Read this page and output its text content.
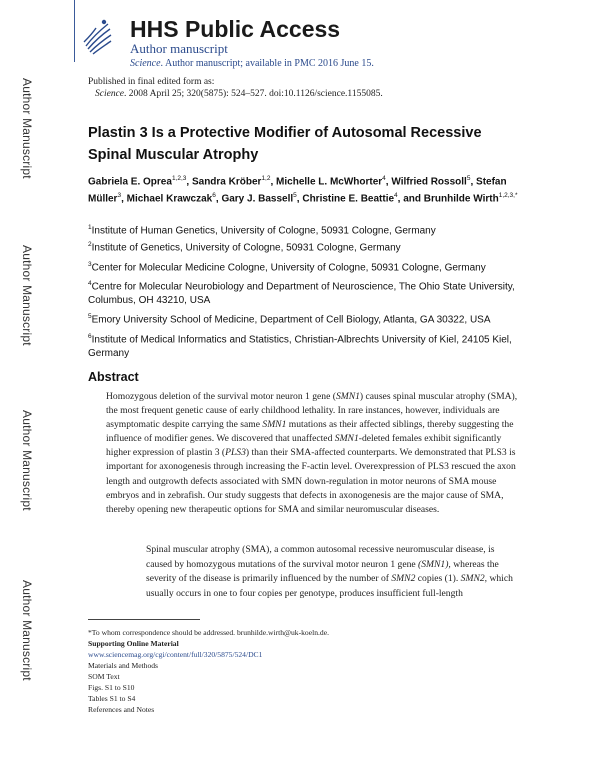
Author Manuscript
Author Manuscript
Author Manuscript
Author Manuscript
HHS Public Access
Author manuscript
Science. Author manuscript; available in PMC 2016 June 15.
Published in final edited form as:
Science. 2008 April 25; 320(5875): 524–527. doi:10.1126/science.1155085.
Plastin 3 Is a Protective Modifier of Autosomal Recessive Spinal Muscular Atrophy
Gabriela E. Oprea$^{1,2,3}$, Sandra Kröber$^{1,2}$, Michelle L. McWhorter$^4$, Wilfried Rossoll$^5$, Stefan Müller$^3$, Michael Krawczak$^6$, Gary J. Bassell$^5$, Christine E. Beattie$^4$, and Brunhilde Wirth$^{1,2,3,*}$
$^1$Institute of Human Genetics, University of Cologne, 50931 Cologne, Germany
$^2$Institute of Genetics, University of Cologne, 50931 Cologne, Germany
$^3$Center for Molecular Medicine Cologne, University of Cologne, 50931 Cologne, Germany
$^4$Centre for Molecular Neurobiology and Department of Neuroscience, The Ohio State University, Columbus, OH 43210, USA
$^5$Emory University School of Medicine, Department of Cell Biology, Atlanta, GA 30322, USA
$^6$Institute of Medical Informatics and Statistics, Christian-Albrechts University of Kiel, 24105 Kiel, Germany
Abstract
Homozygous deletion of the survival motor neuron 1 gene (SMN1) causes spinal muscular atrophy (SMA), the most frequent genetic cause of early childhood lethality. In rare instances, however, individuals are asymptomatic despite carrying the same SMN1 mutations as their affected siblings, thereby suggesting the influence of modifier genes. We discovered that unaffected SMN1-deleted females exhibit significantly higher expression of plastin 3 (PLS3) than their SMA-affected counterparts. We demonstrated that PLS3 is important for axonogenesis through increasing the F-actin level. Overexpression of PLS3 rescued the axon length and outgrowth defects associated with SMN down-regulation in motor neurons of SMA mouse embryos and in zebrafish. Our study suggests that defects in axonogenesis are the major cause of SMA, thereby opening new therapeutic options for SMA and similar neuromuscular diseases.
Spinal muscular atrophy (SMA), a common autosomal recessive neuromuscular disease, is caused by homozygous mutations of the survival motor neuron 1 gene (SMN1), whereas the severity of the disease is primarily influenced by the number of SMN2 copies (1). SMN2, which usually occurs in one to four copies per genotype, produces insufficient full-length
*To whom correspondence should be addressed. brunhilde.wirth@uk-koeln.de.
Supporting Online Material
www.sciencemag.org/cgi/content/full/320/5875/524/DC1
Materials and Methods
SOM Text
Figs. S1 to S10
Tables S1 to S4
References and Notes
